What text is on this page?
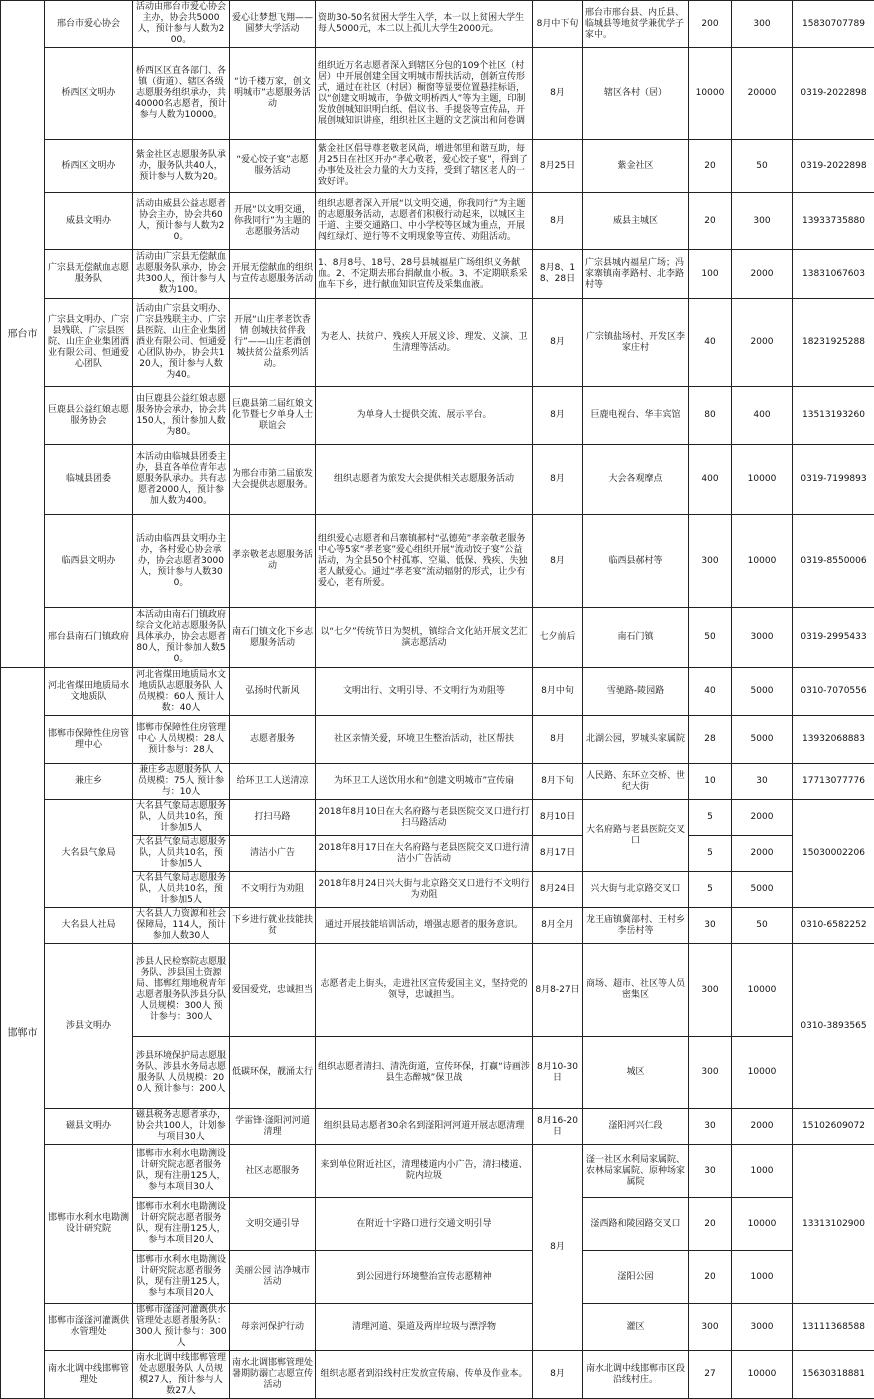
邢台市	邢台市爱心协会	活动由邢台市爱心协会主办，协会共5000人，预计参与人数为200。	爱心让梦想飞翔——圆梦大学活动	资助30-50名贫困大学生入学，本一以上贫困大学生每人5000元，本二以上孤儿大学生2000元。	8月中下旬	邢台市邢台县、内丘县、临城县等地贫学兼优学子家中。	200	300	15830707789
	桥西区文明办	桥西区区直各部门、各镇（街道）、辖区各级志愿服务组织承办，共40000名志愿者，预计参与人数为10000。	“访千楼万家，创文明城市”志愿服务活动	组织近万名志愿者深入到辖区分包的109个社区（村居）中开展创建全国文明城市帮扶活动，创新宣传形式，通过在社区（村居）橱窗等显要位置悬挂标语，以“创建文明城市，争做文明桥西人”等为主题，印制发放创城知识明白纸、倡议书、手提袋等宣传品，开展创城知识讲座，组织社区主题的文艺演出和问卷调	8月	辖区各村（居）	10000	20000	0319-2022898
	桥西区文明办	紫金社区志愿服务队承办，服务队共40人，预计参与人数为20。	“爱心饺子宴”志愿服务活动	紫金社区倡导尊老敬老风尚，增进邻里和谐互助，每月25日在社区开办“孝心敬老，爱心饺子宴”，得到了办事处及社会力量的大力支持，受到了辖区老人的一致好评。	8月25日	紫金社区	20	50	0319-2022898
	威县文明办	活动由威县公益志愿者协会主办，协会共60人，预计参与人数为20。	开展“以文明交通，你我同行”为主题的志愿服务活动	组织志愿者深入开展“以文明交通，你我同行”为主题的志愿服务活动，志愿者们积极行动起来，以城区主干道、主要交通路口、中小学校等区域为重点，开展闯红绿灯、逆行等不文明现象等宣传、劝阻活动。	8月	威县主城区	20	300	13933735880
	广宗县无偿献血志愿服务队	活动由广宗县无偿献血志愿服务队承办，协会共300人，预计参与人数为100。	开展无偿献血的组织与宣传志愿服务活动	1、8月8号、18号、28号县城福星广场组织义务献血。2、不定期去邢台捐献血小板。3、不定期联系采血车下乡，进行献血知识宣传及采集血液。	8月8、18、28日	广宗县城内福星广场；冯家寨镇南孝路村、北李路村等	100	2000	13831067603
	广宗县文明办、广宗县残联、广宗县医院、山庄企业集团酒业有限公司、恒通爱心团队	活动由广宗县文明办、广宗县残联主办、广宗县医院、山庄企业集团酒业有限公司、恒通爱心团队协办，协会共120人，预计参与人数为40。	开展“山庄孝老饮香情 创城扶贫伴我行”——山庄老酒创城扶贫公益系列活动。	为老人、扶贫户、残疾人开展义诊、理发、义演、卫生清理等活动。	8月	广宗镇盐场村、开发区李家庄村	40	2000	18231925288
	巨鹿县公益红娘志愿服务协会	由巨鹿县公益红娘志愿服务协会承办，协会共150人，预计参加人数为80。	巨鹿县第二届红娘文化节暨七夕单身人士联谊会	为单身人士提供交流、展示平台。	8月	巨鹿电视台、华丰宾馆	80	400	13513193260
	临城县团委	本活动由临城县团委主办，县直各单位青年志愿服务队承办。共有志愿者2000人，预计参加人数为400。	为邢台市第二届旅发大会提供志愿服务。	组织志愿者为旅发大会提供相关志愿服务活动	8月	大会各观摩点	400	10000	0319-7199893
	临西县文明办	活动由临西县文明办主办，各村爱心协会承办，协会志愿者3000人，预计参与人数300。	孝亲敬老志愿服务活动	组织爱心志愿者和吕寨镇郝村“弘德苑”孝亲敬老服务中心等5家“孝老宴”爱心组织开展“流动饺子宴”公益活动，为全县50个村孤寡、空巢、低保、残疾、失独老人献爱心。通过“孝老宴”流动辐射的形式，让少有爱心，老有所爱。	8月	临西县郝村等	300	10000	0319-8550006
	邢台县南石门镇政府	本活动由南石门镇政府综合文化站志愿服务队具体承办，协会志愿者80人，预计参加人数50。	南石门镇文化下乡志愿服务活动	以“七夕”传统节日为契机，镇综合文化站开展文艺汇演志愿活动	七夕前后	南石门镇	50	3000	0319-2995433
邯郸市	河北省煤田地质局水文地质队	河北省煤田地质局水文地质队志愿服务队 人员规模：60人 预计人数：40人	弘扬时代新风	文明出行、文明引导、不文明行为劝阻等	8月中旬	雪驰路-陵园路	40	5000	0310-7070556
	邯郸市保障性住房管理中心	邯郸市保障性住房管理中心 人员规模：28人 预计参与：28人	志愿者服务	社区亲情关爱，环境卫生整治活动，社区帮扶	8月	北湖公园，罗城头家属院	28	5000	13932068883
	兼庄乡	兼庄乡志愿服务队 人员规模：75人 预计参与：10人	给环卫工人送清凉	为环卫工人送饮用水和“创建文明城市”宣传扇	8月下旬	人民路、东环立交桥、世纪大街	10	30	17713077776
	大名县气象局	大名县气象局志愿服务队，人员共10名，预计参加5人	打扫马路	2018年8月10日在大名府路与老县医院交叉口进行打扫马路活动	8月10日	大名府路与老县医院交叉口	5	2000	15030002206
		大名县气象局志愿服务队，人员共10名，预计参加5人	清洁小广告	2018年8月17日在大名府路与老县医院交叉口进行清洁小广告活动	8月17日		5	2000	
		大名县气象局志愿服务队，人员共10名，预计参加5人	不文明行为劝阻	2018年8月24日兴大街与北京路交叉口进行不文明行为劝阻	8月24日	兴大街与北京路交叉口	5	5000	
	大名县人社局	大名县人力资源和社会保障局，114人，预计参加人数30人	下乡进行就业技能扶贫	通过开展技能培训活动，增强志愿者的服务意识。	8月全月	龙王庙镇冀部村、王村乡李岳村等	30	50	0310-6582252
	涉县文明办	涉县人民检察院志愿服务队、涉县国土资源局、邯郸红翔地税青年志愿者服务队涉县分队 人员规模：300人 预计参与：300人	爱国爱党，忠诚担当	志愿者走上街头，走进社区宣传爱国主义，坚持党的领导，忠诚担当。	8月8-27日	商场、超市、社区等人员密集区	300	10000	0310-3893565
		涉县环境保护局志愿服务队、涉县水务局志愿服务队 人员规模：200人 预计参与：200人	低碳环保，靓涌太行	组织志愿者清扫、清洗街道，宣传环保，打赢“诗画涉县生态醉城”保卫战	8月10-30日	城区	300	10000	
	磁县文明办	磁县税务志愿者承办，协会共100人，计划参与项目30人	学雷锋·滏阳河河道清理	组织县局志愿者30余名到滏阳河河道开展志愿清理	8月16-20日	滏阳河兴仁段	30	2000	15102609072
	邯郸市水利水电勘测设计研究院	邯郸市水利水电勘测设计研究院志愿者服务队，现有注册125人，参与本项目30人	社区志愿服务	来到单位附近社区，清理楼道内小广告，清扫楼道、院内垃圾	8月	滏一社区水利局家属院、农林局家属院、原种场家属院	30	1000	13313102900
		邯郸市水利水电勘测设计研究院志愿者服务队，现有注册125人，参与本项目20人	文明交通引导	在附近十字路口进行交通文明引导		滏西路和陵园路交叉口	20	10000	
		邯郸市水利水电勘测设计研究院志愿者服务队，现有注册125人，参与本项目20人	美丽公园 洁净城市活动	到公园进行环境整治宣传志愿精神		滏阳公园	20	1000	
	邯郸市滏滏河灌溉供水管理处	邯郸市滏滏河灌溉供水管理处志愿者服务队：300人 预计参与：300人	母亲河保护行动	清理河道、渠道及两岸垃圾与漂浮物		灌区	300	3000	13111368588
	南水北调中线邯郸管理处	南水北调中线邯郸管理处志愿服务队 人员规模27人，预计参与人数27人	南水北调邯郸管理处暑期防溺亡志愿宣传活动	组织志愿者到沿线村庄发放宣传扇、传单及作业本。	8月	南水北调中线邯郸市区段沿线村庄。	27	10000	15630318881
